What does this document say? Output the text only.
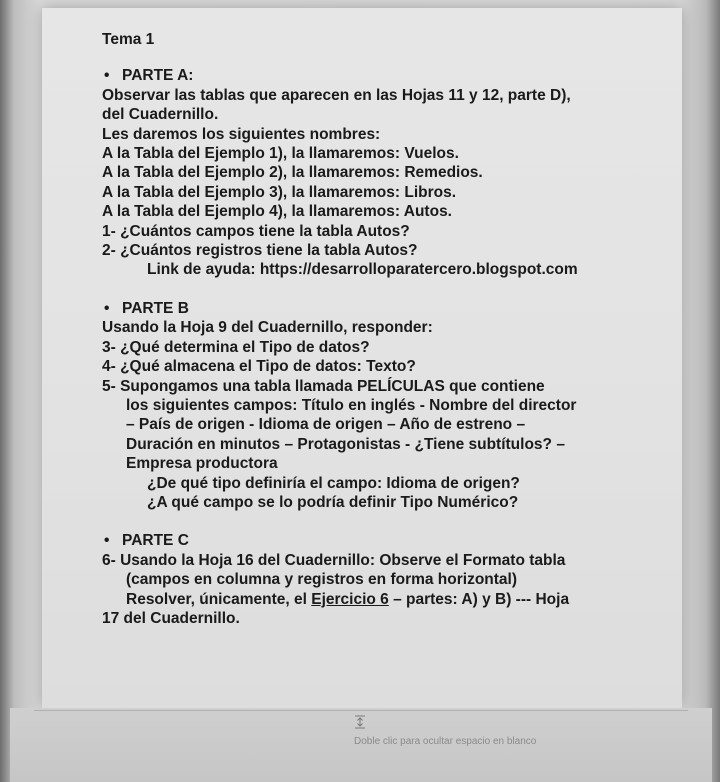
Tema 1
• PARTE A:
Observar las tablas que aparecen en las Hojas 11 y 12, parte D),
del Cuadernillo.
Les daremos los siguientes nombres:
A la Tabla del Ejemplo 1), la llamaremos: Vuelos.
A la Tabla del Ejemplo 2), la llamaremos: Remedios.
A la Tabla del Ejemplo 3), la llamaremos: Libros.
A la Tabla del Ejemplo 4), la llamaremos: Autos.
1- ¿Cuántos campos tiene la tabla Autos?
2- ¿Cuántos registros tiene la tabla Autos?
Link de ayuda: https://desarrolloparatercero.blogspot.com
• PARTE B
Usando la Hoja 9 del Cuadernillo, responder:
3- ¿Qué determina el Tipo de datos?
4- ¿Qué almacena el Tipo de datos: Texto?
5- Supongamos una tabla llamada PELÍCULAS que contiene
los siguientes campos: Título en inglés - Nombre del director
– País de origen - Idioma de origen – Año de estreno –
Duración en minutos – Protagonistas - ¿Tiene subtítulos? –
Empresa productora
¿De qué tipo definiría el campo: Idioma de origen?
¿A qué campo se lo podría definir Tipo Numérico?
• PARTE C
6- Usando la Hoja 16 del Cuadernillo: Observe el Formato tabla
(campos en columna y registros en forma horizontal)
Resolver, únicamente, el Ejercicio 6 – partes: A) y B) --- Hoja
17 del Cuadernillo.
Doble clic para ocultar espacio en blanco
